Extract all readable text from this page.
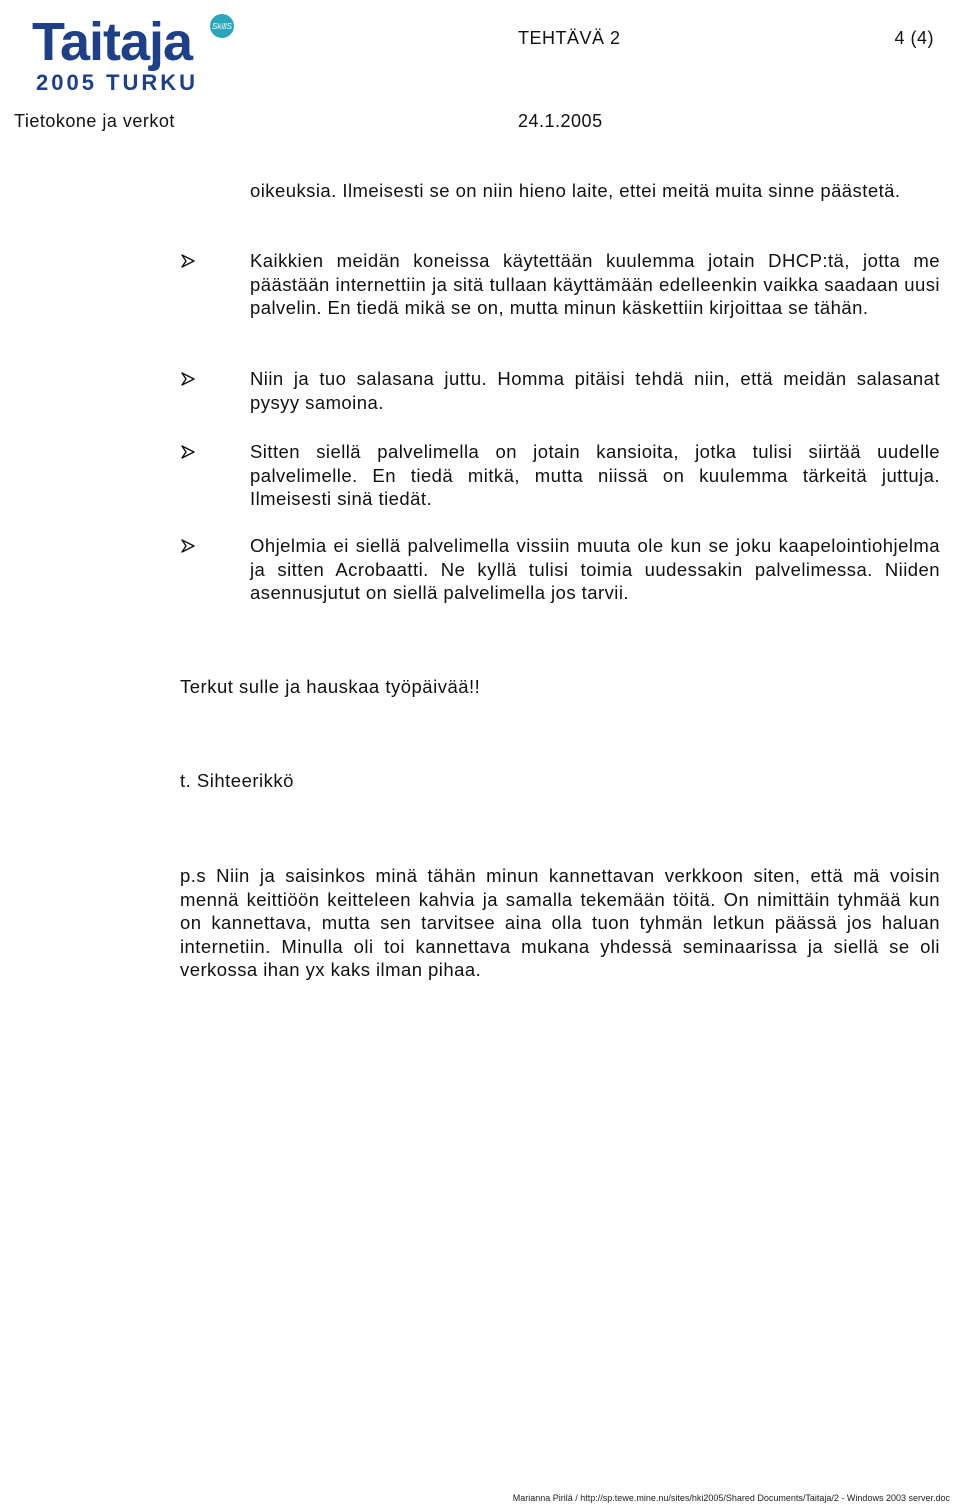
Taitaja
2005 TURKU
SkillS
TEHTÄVÄ 2	4 (4)
Tietokone ja verkot	24.1.2005
oikeuksia. Ilmeisesti se on niin hieno laite, ettei meitä muita sinne päästetä.
Kaikkien meidän koneissa käytettään kuulemma jotain DHCP:tä, jotta me päästään internettiin ja sitä tullaan käyttämään edelleenkin vaikka saadaan uusi palvelin. En tiedä mikä se on, mutta minun käskettiin kirjoittaa se tähän.
Niin ja tuo salasana juttu. Homma pitäisi tehdä niin, että meidän salasanat pysyy samoina.
Sitten siellä palvelimella on jotain kansioita, jotka tulisi siirtää uudelle palvelimelle. En tiedä mitkä, mutta niissä on kuulemma tärkeitä juttuja. Ilmeisesti sinä tiedät.
Ohjelmia ei siellä palvelimella vissiin muuta ole kun se joku kaapelointiohjelma ja sitten Acrobaatti. Ne kyllä tulisi toimia uudessakin palvelimessa. Niiden asennusjutut on siellä palvelimella jos tarvii.
Terkut sulle ja hauskaa työpäivää!!
t. Sihteerikkö
p.s Niin ja saisinkos minä tähän minun kannettavan verkkoon siten, että mä voisin mennä keittiöön keitteleen kahvia ja samalla tekemään töitä. On nimittäin tyhmää kun on kannettava, mutta sen tarvitsee aina olla tuon tyhmän letkun päässä jos haluan internetiin. Minulla oli toi kannettava mukana yhdessä seminaarissa ja siellä se oli verkossa ihan yx kaks ilman pihaa.
Marianna Pirilä / http://sp.tewe.mine.nu/sites/hki2005/Shared Documents/Taitaja/2 - Windows 2003 server.doc
